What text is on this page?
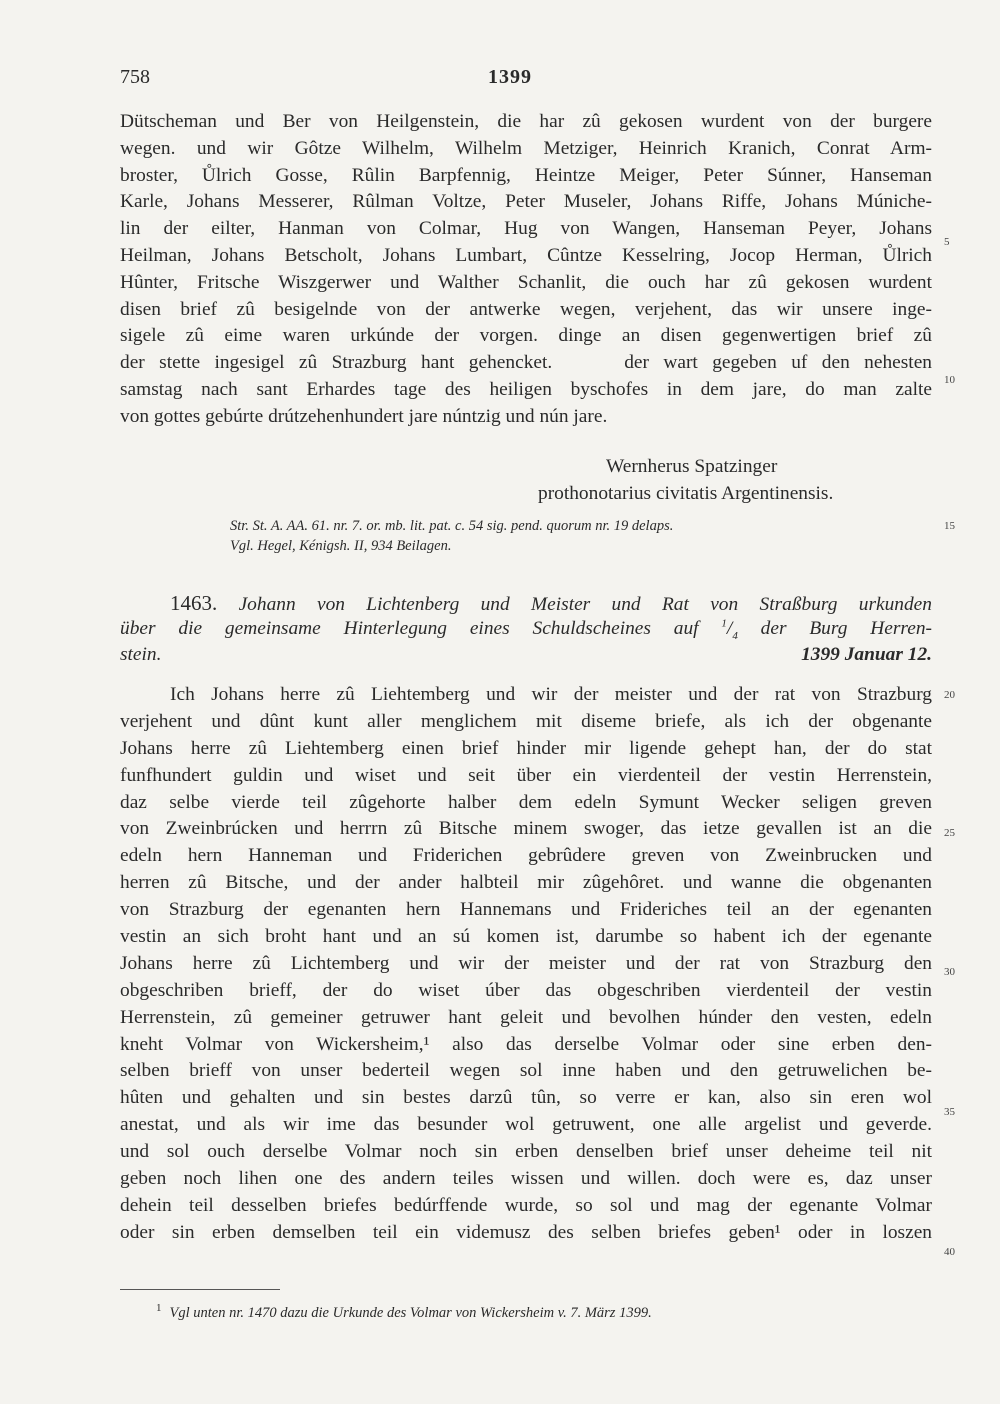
758	1399
Dütscheman und Ber von Heilgenstein, die har zû gekosen wurdent von der burgere
wegen. und wir Gôtze Wilhelm, Wilhelm Metziger, Heinrich Kranich, Conrat Arm-
broster, Ůlrich Gosse, Rûlin Barpfennig, Heintze Meiger, Peter Súnner, Hanseman
Karle, Johans Messerer, Rûlman Voltze, Peter Museler, Johans Riffe, Johans Múniche-
lin der eilter, Hanman von Colmar, Hug von Wangen, Hanseman Peyer, Johans
Heilman, Johans Betscholt, Johans Lumbart, Cûntze Kesselring, Jocop Herman, Ůlrich
Hûnter, Fritsche Wiszgerwer und Walther Schanlit, die ouch har zû gekosen wurdent
disen brief zû besigelnde von der antwerke wegen, verjehent, das wir unsere inge-
sigele zû eime waren urkúnde der vorgen. dinge an disen gegenwertigen brief zû
der stette ingesigel zû Strazburg hant gehencket.     der wart gegeben uf den nehesten
samstag nach sant Erhardes tage des heiligen byschofes in dem jare, do man zalte
von gottes gebúrte drútzehenhundert jare núntzig und nún jare.
Wernherus Spatzinger
prothonotarius civitatis Argentinensis.
Str. St. A. AA. 61. nr. 7. or. mb. lit. pat. c. 54 sig. pend. quorum nr. 19 delaps.
Vgl. Hegel, Kénigsh. II, 934 Beilagen.
1463. Johann von Lichtenberg und Meister und Rat von Straßburg urkunden
über die gemeinsame Hinterlegung eines Schuldscheines auf $^1/_4$ der Burg Herren-
stein.	1399 Januar 12.
Ich Johans herre zû Liehtemberg und wir der meister und der rat von Strazburg
verjehent und dûnt kunt aller menglichem mit diseme briefe, als ich der obgenante
Johans herre zû Liehtemberg einen brief hinder mir ligende gehept han, der do stat
funfhundert guldin und wiset und seit über ein vierdenteil der vestin Herrenstein,
daz selbe vierde teil zûgehorte halber dem edeln Symunt Wecker seligen greven
von Zweinbrúcken und herrrn zû Bitsche minem swoger, das ietze gevallen ist an die
edeln hern Hanneman und Friderichen gebrûdere greven von Zweinbrucken und
herren zû Bitsche, und der ander halbteil mir zûgehôret. und wanne die obgenanten
von Strazburg der egenanten hern Hannemans und Frideriches teil an der egenanten
vestin an sich broht hant und an sú komen ist, darumbe so habent ich der egenante
Johans herre zû Lichtemberg und wir der meister und der rat von Strazburg den
obgeschriben brieff, der do wiset úber das obgeschriben vierdenteil der vestin
Herrenstein, zû gemeiner getruwer hant geleit und bevolhen húnder den vesten, edeln
kneht Volmar von Wickersheim,¹ also das derselbe Volmar oder sine erben den-
selben brieff von unser bederteil wegen sol inne haben und den getruwelichen be-
hûten und gehalten und sin bestes darzû tûn, so verre er kan, also sin eren wol
anestat, und als wir ime das besunder wol getruwent, one alle argelist und geverde.
und sol ouch derselbe Volmar noch sin erben denselben brief unser deheime teil nit
geben noch lihen one des andern teiles wissen und willen. doch were es, daz unser
dehein teil desselben briefes bedúrffende wurde, so sol und mag der egenante Volmar
oder sin erben demselben teil ein videmusz des selben briefes geben¹ oder in loszen
5
10
15
20
25
30
35
40
$^1$ Vgl unten nr. 1470 dazu die Urkunde des Volmar von Wickersheim v. 7. März 1399.
